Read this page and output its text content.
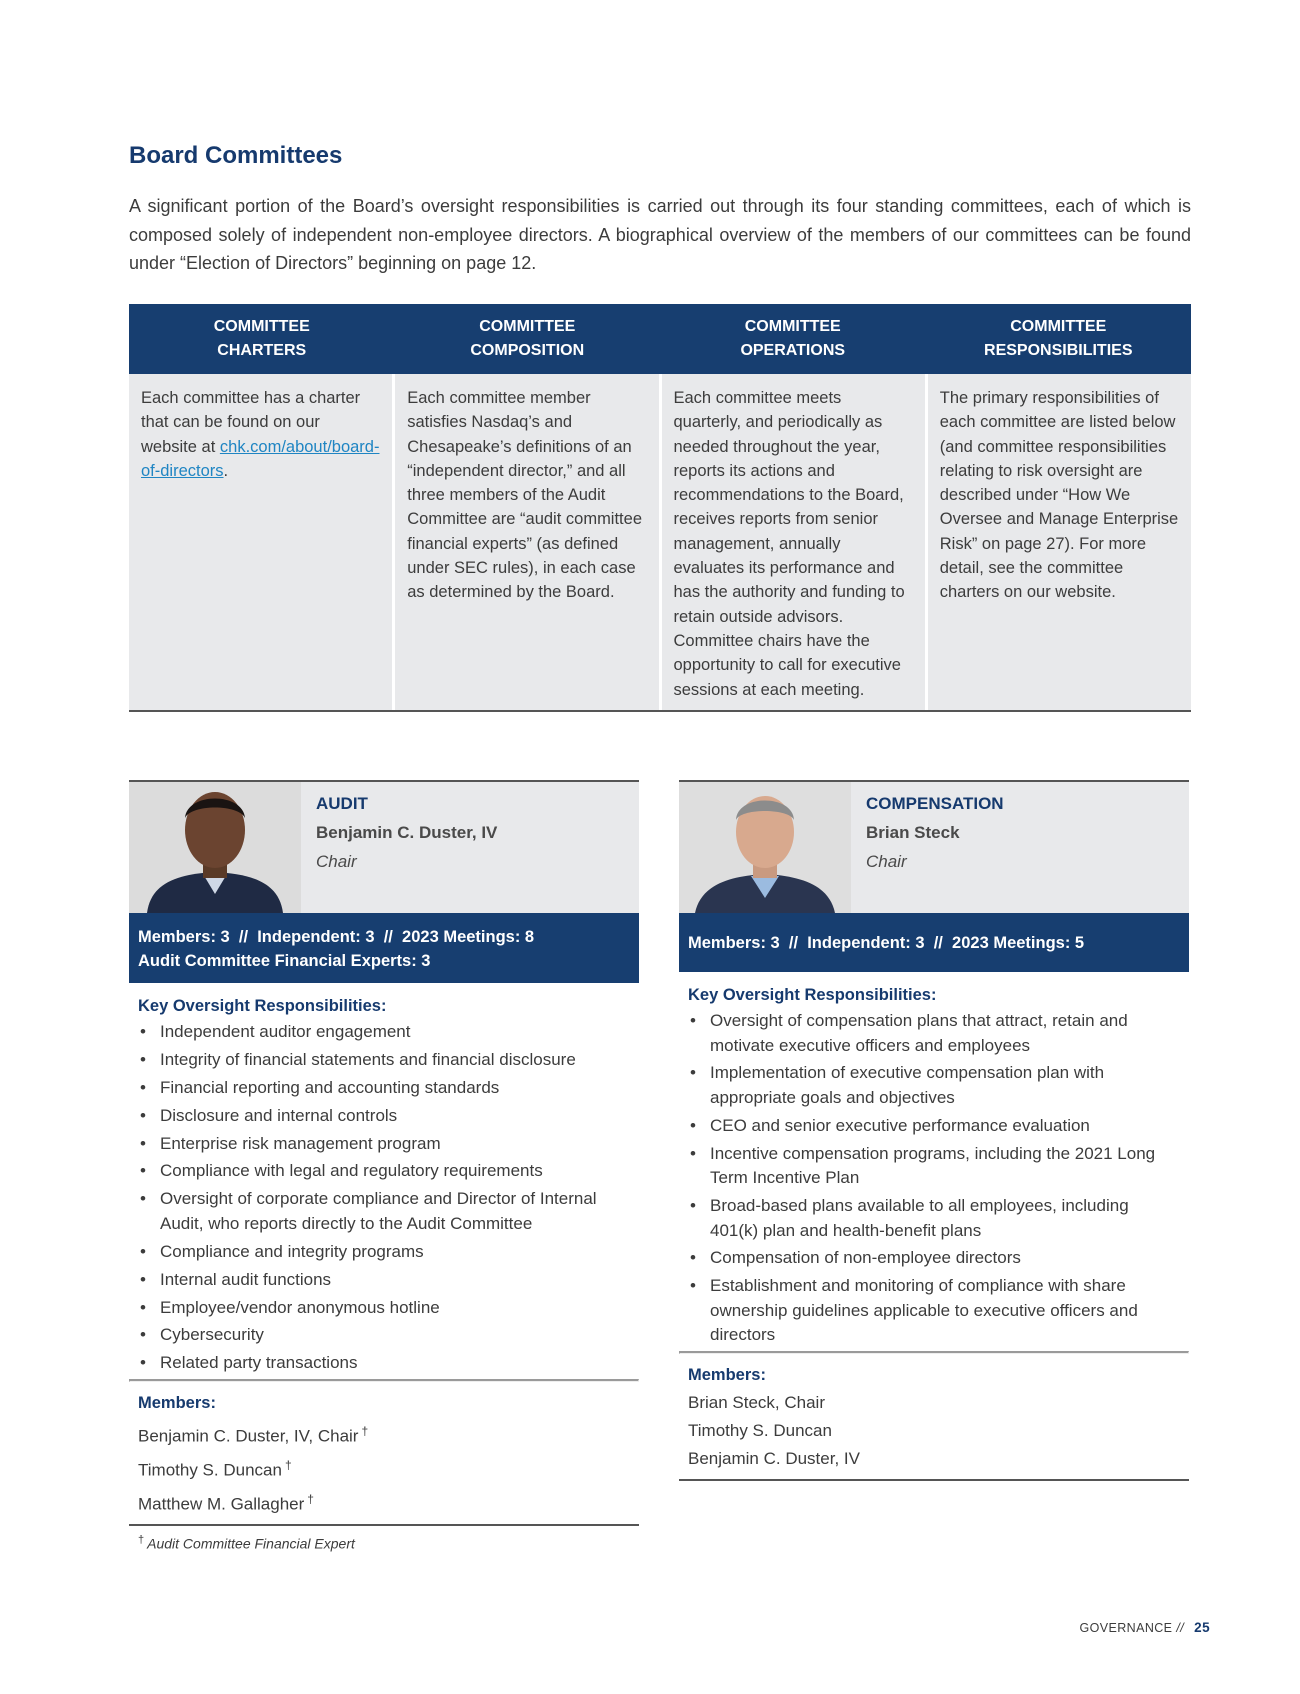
Board Committees

A significant portion of the Board’s oversight responsibilities is carried out through its four standing committees, each of which is composed solely of independent non-employee directors. A biographical overview of the members of our committees can be found under “Election of Directors” beginning on page 12.

COMMITTEE
CHARTERS
COMMITTEE
COMPOSITION
COMMITTEE
OPERATIONS
COMMITTEE
RESPONSIBILITIES
Each committee has a charter that can be found on our website at chk.com/about/board-of-directors.
Each committee member satisfies Nasdaq’s and Chesapeake’s definitions of an “independent director,” and all three members of the Audit Committee are “audit committee financial experts” (as defined under SEC rules), in each case as determined by the Board.
Each committee meets quarterly, and periodically as needed throughout the year, reports its actions and recommendations to the Board, receives reports from senior management, annually evaluates its performance and has the authority and funding to retain outside advisors. Committee chairs have the opportunity to call for executive sessions at each meeting.
The primary responsibilities of each committee are listed below (and committee responsibilities relating to risk oversight are described under “How We Oversee and Manage Enterprise Risk” on page 27). For more detail, see the committee charters on our website.
AUDIT
Benjamin C. Duster, IV
Chair
Members: 3  //  Independent: 3  //  2023 Meetings: 8
Audit Committee Financial Experts: 3

Key Oversight Responsibilities:

• Independent auditor engagement
• Integrity of financial statements and financial disclosure
• Financial reporting and accounting standards
• Disclosure and internal controls
• Enterprise risk management program
• Compliance with legal and regulatory requirements
• Oversight of corporate compliance and Director of Internal Audit, who reports directly to the Audit Committee
• Compliance and integrity programs
• Internal audit functions
• Employee/vendor anonymous hotline
• Cybersecurity
• Related party transactions

Members:

Benjamin C. Duster, IV, Chair †
Timothy S. Duncan †
Matthew M. Gallagher †
† Audit Committee Financial Expert
COMPENSATION
Brian Steck
Chair
Members: 3  //  Independent: 3  //  2023 Meetings: 5

Key Oversight Responsibilities:

• Oversight of compensation plans that attract, retain and motivate executive officers and employees
• Implementation of executive compensation plan with appropriate goals and objectives
• CEO and senior executive performance evaluation
• Incentive compensation programs, including the 2021 Long Term Incentive Plan
• Broad-based plans available to all employees, including 401(k) plan and health-benefit plans
• Compensation of non-employee directors
• Establishment and monitoring of compliance with share ownership guidelines applicable to executive officers and directors

Members:

Brian Steck, Chair
Timothy S. Duncan
Benjamin C. Duster, IV
GOVERNANCE // 25
